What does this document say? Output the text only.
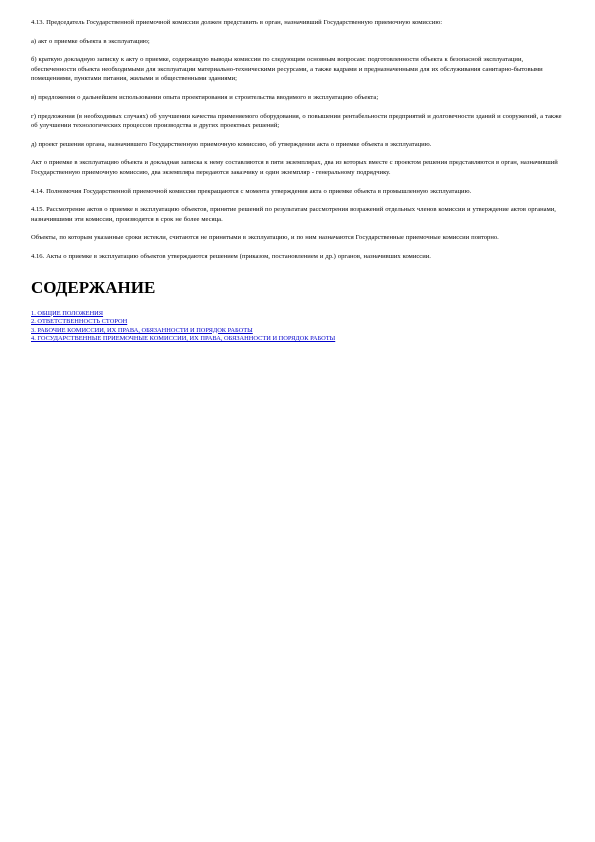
4.13. Председатель Государственной приемочной комиссии должен представить в орган, назначивший Государственную приемочную комиссию:

а) акт о приемке объекта в эксплуатацию;

б) краткую докладную записку к акту о приемке, содержащую выводы комиссии по следующим основным вопросам: подготовленности объекта к безопасной эксплуатации, обеспеченности объекта необходимыми для эксплуатации материально-техническими ресурсами, а также кадрами и предназначенными для их обслуживания санитарно-бытовыми помещениями, пунктами питания, жилыми и общественными зданиями;

в) предложения о дальнейшем использовании опыта проектирования и строительства вводимого в эксплуатацию объекта;

г) предложения (в необходимых случаях) об улучшении качества применяемого оборудования, о повышении рентабельности предприятий и долговечности зданий и сооружений, а также об улучшении технологических процессов производства и других проектных решений;

д) проект решения органа, назначившего Государственную приемочную комиссию, об утверждении акта о приемке объекта в эксплуатацию.

Акт о приемке в эксплуатацию объекта и докладная записка к нему составляются в пяти экземплярах, два из которых вместе с проектом решения представляются в орган, назначивший Государственную приемочную комиссию, два экземпляра передаются заказчику и один экземпляр - генеральному подрядчику.

4.14. Полномочия Государственной приемочной комиссии прекращаются с момента утверждения акта о приемке объекта в промышленную эксплуатацию.

4.15. Рассмотрение актов о приемке в эксплуатацию объектов, принятие решений по результатам рассмотрения возражений отдельных членов комиссии и утверждение актов органами, назначившими эти комиссии, производятся в срок не более месяца.

Объекты, по которым указанные сроки истекли, считаются не принятыми в эксплуатацию, и по ним назначаются Государственные приемочные комиссии повторно.

4.16. Акты о приемке в эксплуатацию объектов утверждаются решением (приказом, постановлением и др.) органов, назначивших комиссии.

СОДЕРЖАНИЕ
1. ОБЩИЕ ПОЛОЖЕНИЯ
2. ОТВЕТСТВЕННОСТЬ СТОРОН
3. РАБОЧИЕ КОМИССИИ, ИХ ПРАВА, ОБЯЗАННОСТИ И ПОРЯДОК РАБОТЫ
4. ГОСУДАРСТВЕННЫЕ ПРИЕМОЧНЫЕ КОМИССИИ, ИХ ПРАВА, ОБЯЗАННОСТИ И ПОРЯДОК РАБОТЫ
